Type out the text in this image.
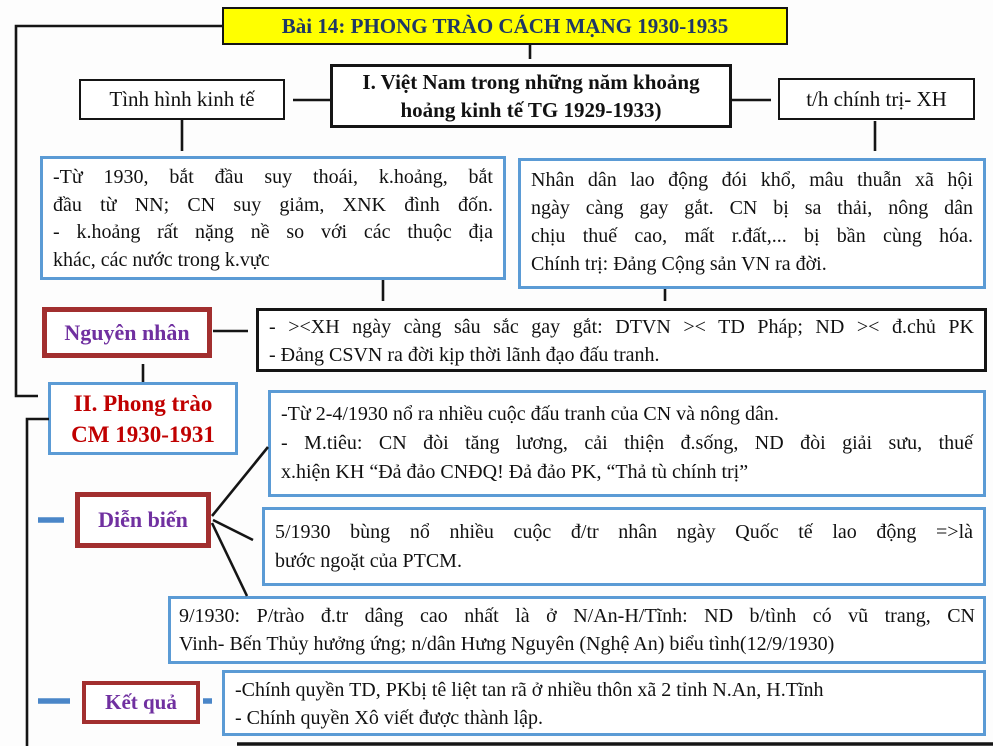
Bài 14: PHONG TRÀO CÁCH MẠNG 1930-1935
I. Việt Nam trong những năm khoảng
hoảng kinh tế TG 1929-1933)
Tình hình kinh tế	t/h chính trị- XH
-Từ 1930, bắt đầu suy thoái, k.hoảng, bắt
đầu từ NN; CN suy giảm, XNK đình đốn.
- k.hoảng rất nặng nề so với các thuộc địa
khác, các nước trong k.vực
Nhân dân lao động đói khổ, mâu thuẫn xã hội
ngày càng gay gắt. CN bị sa thải, nông dân
chịu thuế cao, mất r.đất,... bị bần cùng hóa.
Chính trị: Đảng Cộng sản VN ra đời.
Nguyên nhân	- ><XH ngày càng sâu sắc gay gắt: DTVN >< TD Pháp; ND >< đ.chủ PK
- Đảng CSVN ra đời kịp thời lãnh đạo đấu tranh.
II. Phong trào
CM 1930-1931
Diễn biến
-Từ 2-4/1930 nổ ra nhiều cuộc đấu tranh của CN và nông dân.
- M.tiêu: CN đòi tăng lương, cải thiện đ.sống, ND đòi giải sưu, thuế
x.hiện KH “Đả đảo CNĐQ! Đả đảo PK, “Thả tù chính trị”
5/1930 bùng nổ nhiều cuộc đ/tr nhân ngày Quốc tế lao động =>là
bước ngoặt của PTCM.
9/1930: P/trào đ.tr dâng cao nhất là ở N/An-H/Tĩnh: ND b/tình có vũ trang, CN
Vinh- Bến Thủy hưởng ứng; n/dân Hưng Nguyên (Nghệ An) biểu tình(12/9/1930)
Kết quả	-Chính quyền TD, PKbị tê liệt tan rã ở nhiều thôn xã 2 tỉnh N.An, H.Tĩnh
- Chính quyền Xô viết được thành lập.
